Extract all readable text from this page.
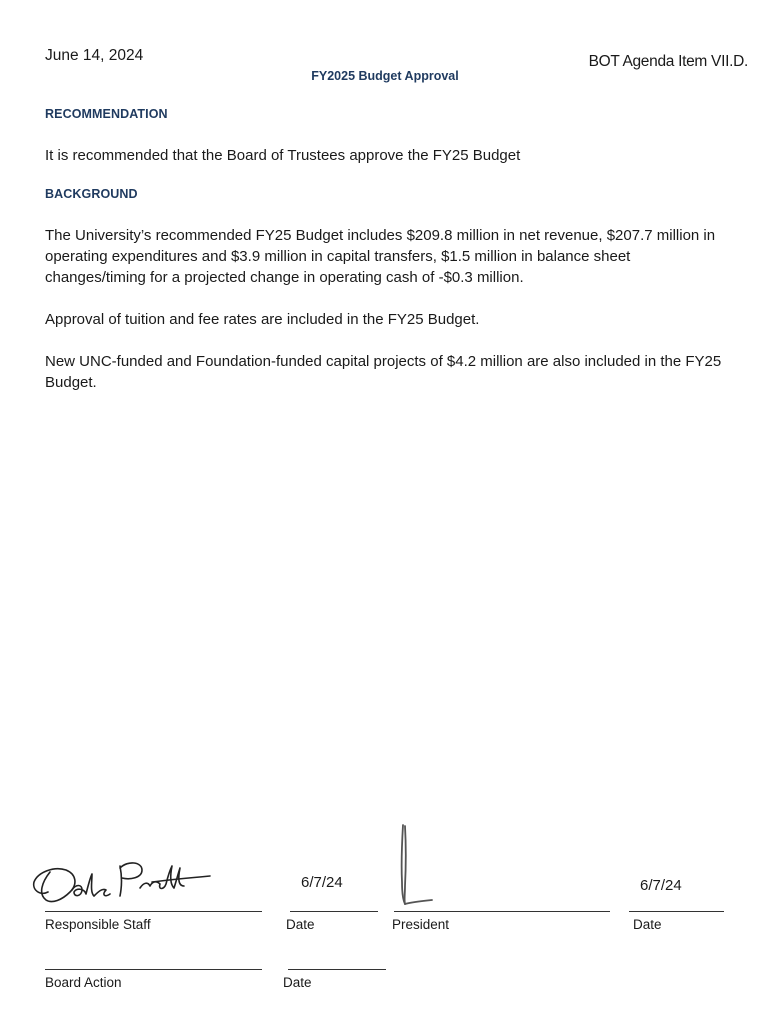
June 14, 2024	BOT Agenda Item VII.D.
FY2025 Budget Approval
RECOMMENDATION
It is recommended that the Board of Trustees approve the FY25 Budget
BACKGROUND
The University’s recommended FY25 Budget includes $209.8 million in net revenue, $207.7 million in operating expenditures and $3.9 million in capital transfers, $1.5 million in balance sheet changes/timing for a projected change in operating cash of -$0.3 million.
Approval of tuition and fee rates are included in the FY25 Budget.
New UNC-funded and Foundation-funded capital projects of $4.2 million are also included in the FY25 Budget.
6/7/24	6/7/24
Responsible Staff	Date	President	Date
Board Action	Date
